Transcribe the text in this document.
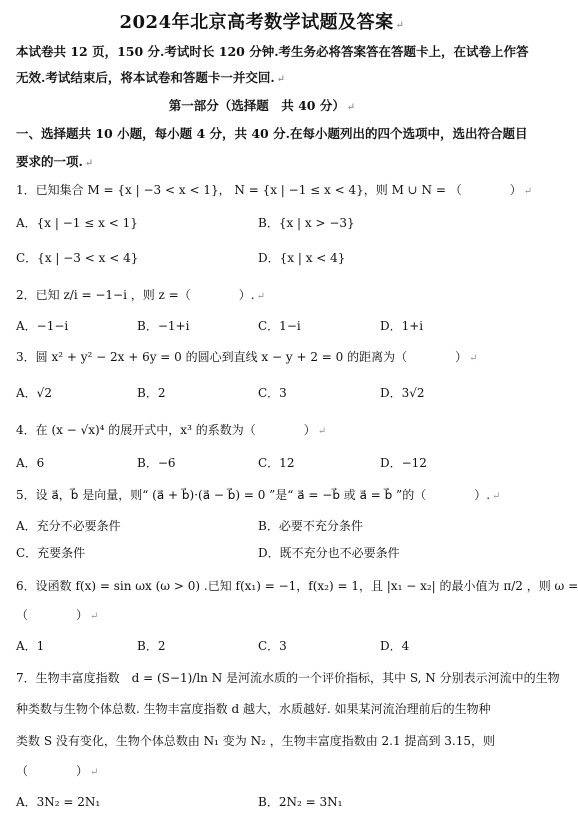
2024年北京高考数学试题及答案 ↵
本试卷共 12 页，150 分.考试时长 120 分钟.考生务必将答案答在答题卡上，在试卷上作答
无效.考试结束后，将本试卷和答题卡一并交回. ↵
第一部分（选择题　共 40 分） ↵
一、选择题共 10 小题，每小题 4 分，共 40 分.在每小题列出的四个选项中，选出符合题目
要求的一项. ↵
1．已知集合 M = {x | −3 < x < 1}， N = {x | −1 ≤ x < 4}，则 M ∪ N = （　　　　） ↵
A．{x | −1 ≤ x < 1}	B．{x | x > −3}
C．{x | −3 < x < 4}	D．{x | x < 4}
2．已知 z/i = −1−i ，则 z =（　　　　）. ↵
A．−1−i	B．−1+i	C．1−i	D．1+i
3．圆 x² + y² − 2x + 6y = 0 的圆心到直线 x − y + 2 = 0 的距离为（　　　　） ↵
A．√2	B．2	C．3	D．3√2
4．在 (x − √x)⁴ 的展开式中，x³ 的系数为（　　　　） ↵
A．6	B．−6	C．12	D．−12
5．设 a⃗，b⃗ 是向量，则“ (a⃗ + b⃗)·(a⃗ − b⃗) = 0 ”是“ a⃗ = −b⃗ 或 a⃗ = b⃗ ”的（　　　　）. ↵
A．充分不必要条件	B．必要不充分条件
C．充要条件	D．既不充分也不必要条件
6．设函数 f(x) = sin ωx (ω > 0) .已知 f(x₁) = −1，f(x₂) = 1，且 |x₁ − x₂| 的最小值为 π/2 ，则 ω =
（　　　　） ↵
A．1	B．2	C．3	D．4
7．生物丰富度指数　d = (S−1)/ln N 是河流水质的一个评价指标，其中 S, N 分别表示河流中的生物
种类数与生物个体总数. 生物丰富度指数 d 越大，水质越好. 如果某河流治理前后的生物种
类数 S 没有变化，生物个体总数由 N₁ 变为 N₂ ，生物丰富度指数由 2.1 提高到 3.15，则
（　　　　） ↵
A．3N₂ = 2N₁	B．2N₂ = 3N₁
